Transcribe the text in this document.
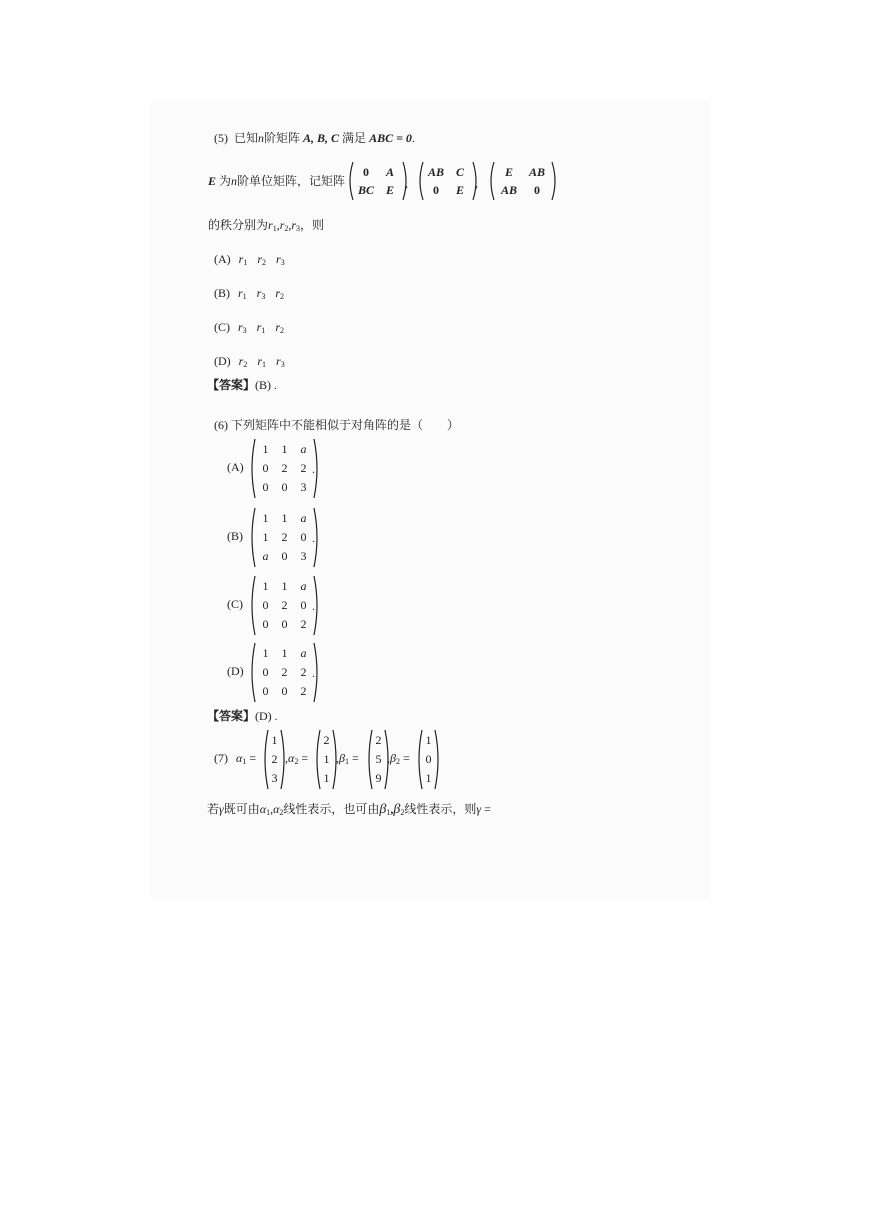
(5) 已知n阶矩阵 A, B, C 满足 ABC = 0.
E 为n阶单位矩阵，记矩阵
0 A
BC E ,
AB C
0 E ,
E AB
AB 0
的秩分别为$r_1,r_2,r_3$，则
(A) $r_1$ $r_2$ $r_3$
(B) $r_1$ $r_3$ $r_2$
(C) $r_3$ $r_1$ $r_2$
(D) $r_2$ $r_1$ $r_3$
【答案】(B) .
(6) 下列矩阵中不能相似于对角阵的是（　　）
(A)
1 1 a
0 2 2
0 0 3
.
(B)
1 1 a
1 2 0
a 0 3
.
(C)
1 1 a
0 2 0
0 0 2
.
(D)
1 1 a
0 2 2
0 0 2
.
【答案】(D) .
(7) $\alpha_1$ =
1
2
3
$,\alpha_2$ =
2
1
1
$,\beta_1$ =
2
5
9
$,\beta_2$ =
1
0
1
若γ既可由$\alpha_1,\alpha_2$线性表示，也可由$\beta_1,\beta_2$线性表示，则γ =
